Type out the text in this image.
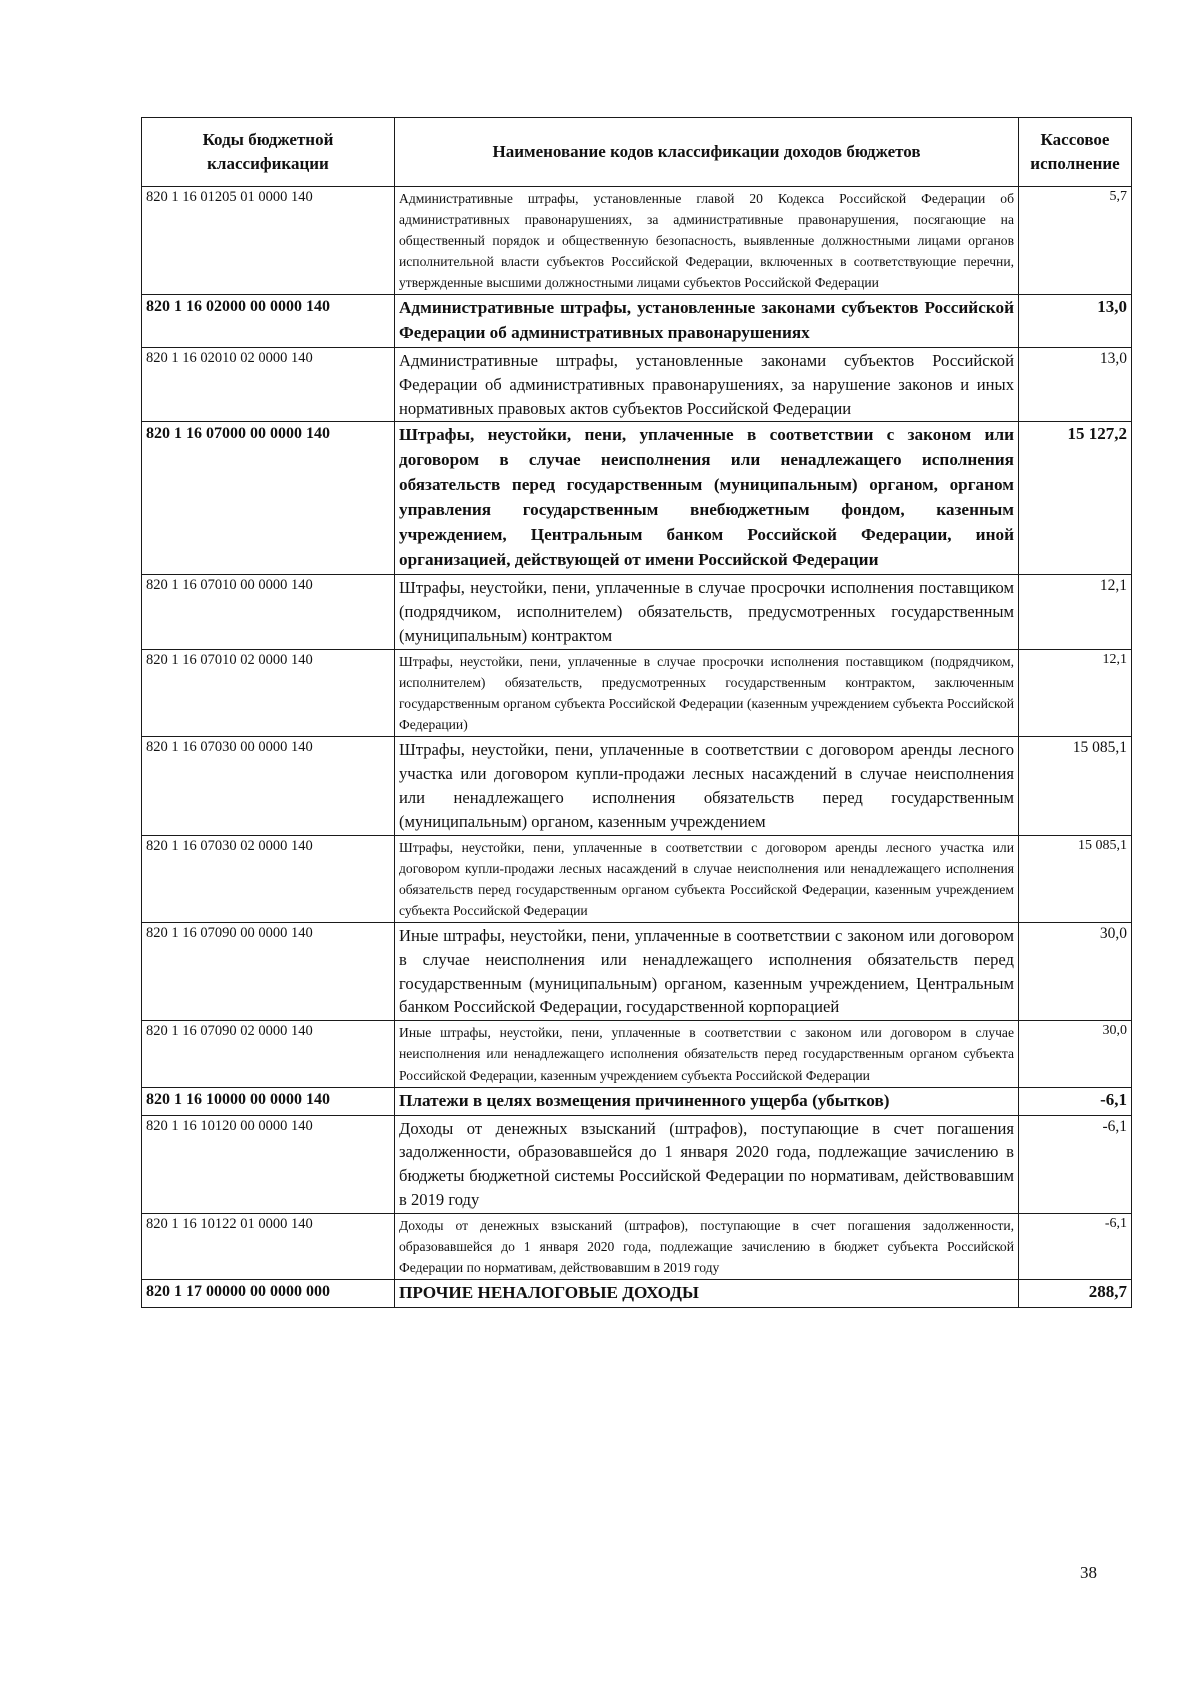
Коды бюджетной классификации	Наименование кодов классификации доходов бюджетов	Кассовое исполнение
820 1 16 01205 01 0000 140	Административные штрафы, установленные главой 20 Кодекса Российской Федерации об административных правонарушениях, за административные правонарушения, посягающие на общественный порядок и общественную безопасность, выявленные должностными лицами органов исполнительной власти субъектов Российской Федерации, включенных в соответствующие перечни, утвержденные высшими должностными лицами субъектов Российской Федерации	5,7
820 1 16 02000 00 0000 140	Административные штрафы, установленные законами субъектов Российской Федерации об административных правонарушениях	13,0
820 1 16 02010 02 0000 140	Административные штрафы, установленные законами субъектов Российской Федерации об административных правонарушениях, за нарушение законов и иных нормативных правовых актов субъектов Российской Федерации	13,0
820 1 16 07000 00 0000 140	Штрафы, неустойки, пени, уплаченные в соответствии с законом или договором в случае неисполнения или ненадлежащего исполнения обязательств перед государственным (муниципальным) органом, органом управления государственным внебюджетным фондом, казенным учреждением, Центральным банком Российской Федерации, иной организацией, действующей от имени Российской Федерации	15 127,2
820 1 16 07010 00 0000 140	Штрафы, неустойки, пени, уплаченные в случае просрочки исполнения поставщиком (подрядчиком, исполнителем) обязательств, предусмотренных государственным (муниципальным) контрактом	12,1
820 1 16 07010 02 0000 140	Штрафы, неустойки, пени, уплаченные в случае просрочки исполнения поставщиком (подрядчиком, исполнителем) обязательств, предусмотренных государственным контрактом, заключенным государственным органом субъекта Российской Федерации (казенным учреждением субъекта Российской Федерации)	12,1
820 1 16 07030 00 0000 140	Штрафы, неустойки, пени, уплаченные в соответствии с договором аренды лесного участка или договором купли-продажи лесных насаждений в случае неисполнения или ненадлежащего исполнения обязательств перед государственным (муниципальным) органом, казенным учреждением	15 085,1
820 1 16 07030 02 0000 140	Штрафы, неустойки, пени, уплаченные в соответствии с договором аренды лесного участка или договором купли-продажи лесных насаждений в случае неисполнения или ненадлежащего исполнения обязательств перед государственным органом субъекта Российской Федерации, казенным учреждением субъекта Российской Федерации	15 085,1
820 1 16 07090 00 0000 140	Иные штрафы, неустойки, пени, уплаченные в соответствии с законом или договором в случае неисполнения или ненадлежащего исполнения обязательств перед государственным (муниципальным) органом, казенным учреждением, Центральным банком Российской Федерации, государственной корпорацией	30,0
820 1 16 07090 02 0000 140	Иные штрафы, неустойки, пени, уплаченные в соответствии с законом или договором в случае неисполнения или ненадлежащего исполнения обязательств перед государственным органом субъекта Российской Федерации, казенным учреждением субъекта Российской Федерации	30,0
820 1 16 10000 00 0000 140	Платежи в целях возмещения причиненного ущерба (убытков)	-6,1
820 1 16 10120 00 0000 140	Доходы от денежных взысканий (штрафов), поступающие в счет погашения задолженности, образовавшейся до 1 января 2020 года, подлежащие зачислению в бюджеты бюджетной системы Российской Федерации по нормативам, действовавшим в 2019 году	-6,1
820 1 16 10122 01 0000 140	Доходы от денежных взысканий (штрафов), поступающие в счет погашения задолженности, образовавшейся до 1 января 2020 года, подлежащие зачислению в бюджет субъекта Российской Федерации по нормативам, действовавшим в 2019 году	-6,1
820 1 17 00000 00 0000 000	ПРОЧИЕ НЕНАЛОГОВЫЕ ДОХОДЫ	288,7
38
